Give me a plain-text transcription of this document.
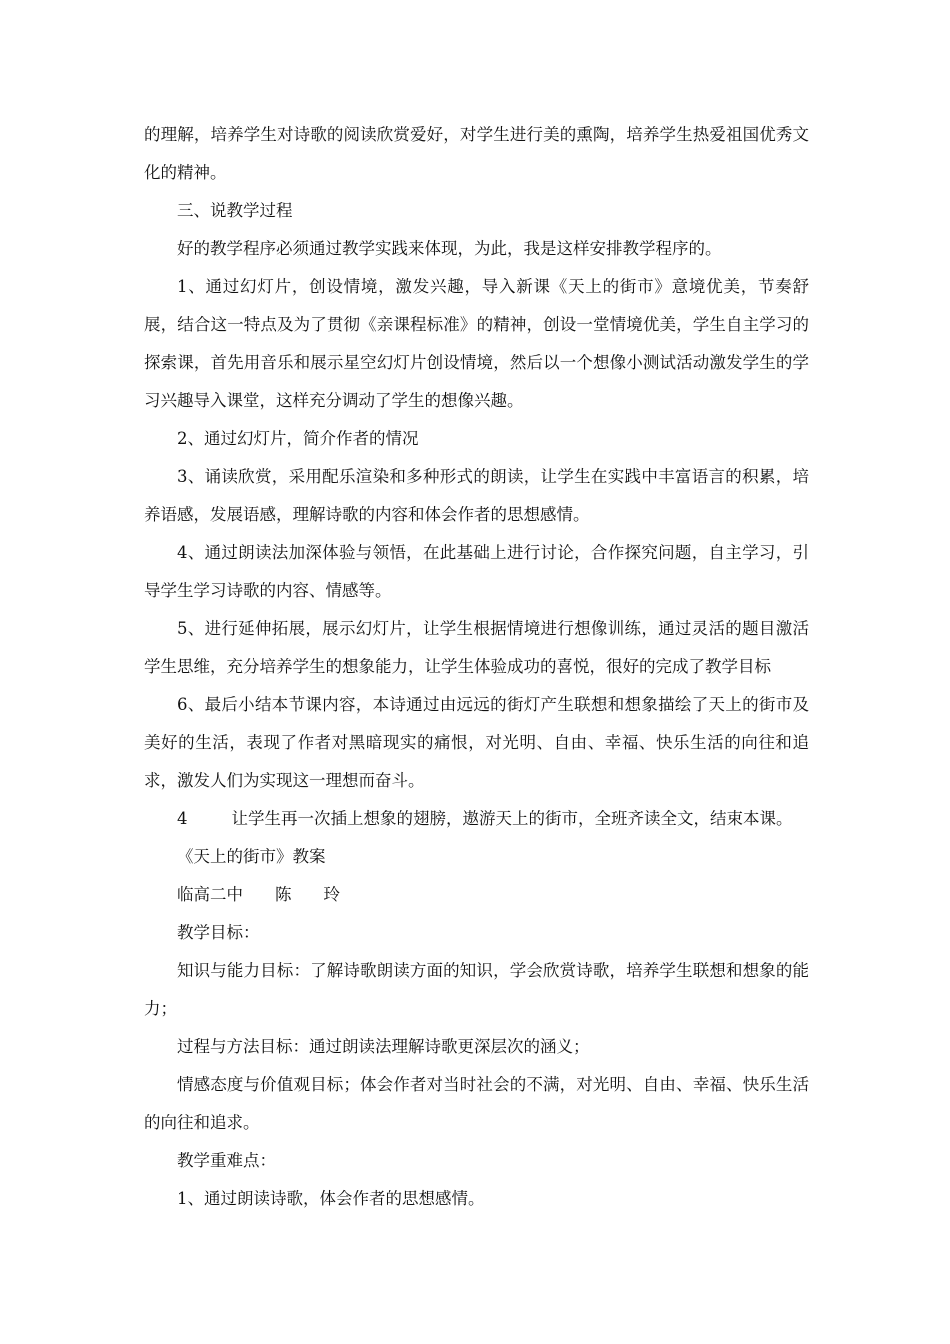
的理解，培养学生对诗歌的阅读欣赏爱好，对学生进行美的熏陶，培养学生热爱祖国优秀文化的精神。

三、说教学过程

好的教学程序必须通过教学实践来体现，为此，我是这样安排教学程序的。

1、通过幻灯片，创设情境，激发兴趣，导入新课《天上的街市》意境优美，节奏舒展，结合这一特点及为了贯彻《亲课程标准》的精神，创设一堂情境优美，学生自主学习的探索课，首先用音乐和展示星空幻灯片创设情境，然后以一个想像小测试活动激发学生的学习兴趣导入课堂，这样充分调动了学生的想像兴趣。

2、通过幻灯片，简介作者的情况

3、诵读欣赏，采用配乐渲染和多种形式的朗读，让学生在实践中丰富语言的积累，培养语感，发展语感，理解诗歌的内容和体会作者的思想感情。

4、通过朗读法加深体验与领悟，在此基础上进行讨论，合作探究问题，自主学习，引导学生学习诗歌的内容、情感等。

5、进行延伸拓展，展示幻灯片，让学生根据情境进行想像训练，通过灵活的题目激活学生思维，充分培养学生的想象能力，让学生体验成功的喜悦，很好的完成了教学目标

6、最后小结本节课内容，本诗通过由远远的街灯产生联想和想象描绘了天上的街市及美好的生活，表现了作者对黑暗现实的痛恨，对光明、自由、幸福、快乐生活的向往和追求，激发人们为实现这一理想而奋斗。

4	让学生再一次插上想象的翅膀，遨游天上的街市，全班齐读全文，结束本课。

《天上的街市》教案

临高二中 陈 玲

教学目标：

知识与能力目标：了解诗歌朗读方面的知识，学会欣赏诗歌，培养学生联想和想象的能力；

过程与方法目标：通过朗读法理解诗歌更深层次的涵义；

情感态度与价值观目标；体会作者对当时社会的不满，对光明、自由、幸福、快乐生活的向往和追求。

教学重难点：

1、通过朗读诗歌，体会作者的思想感情。
